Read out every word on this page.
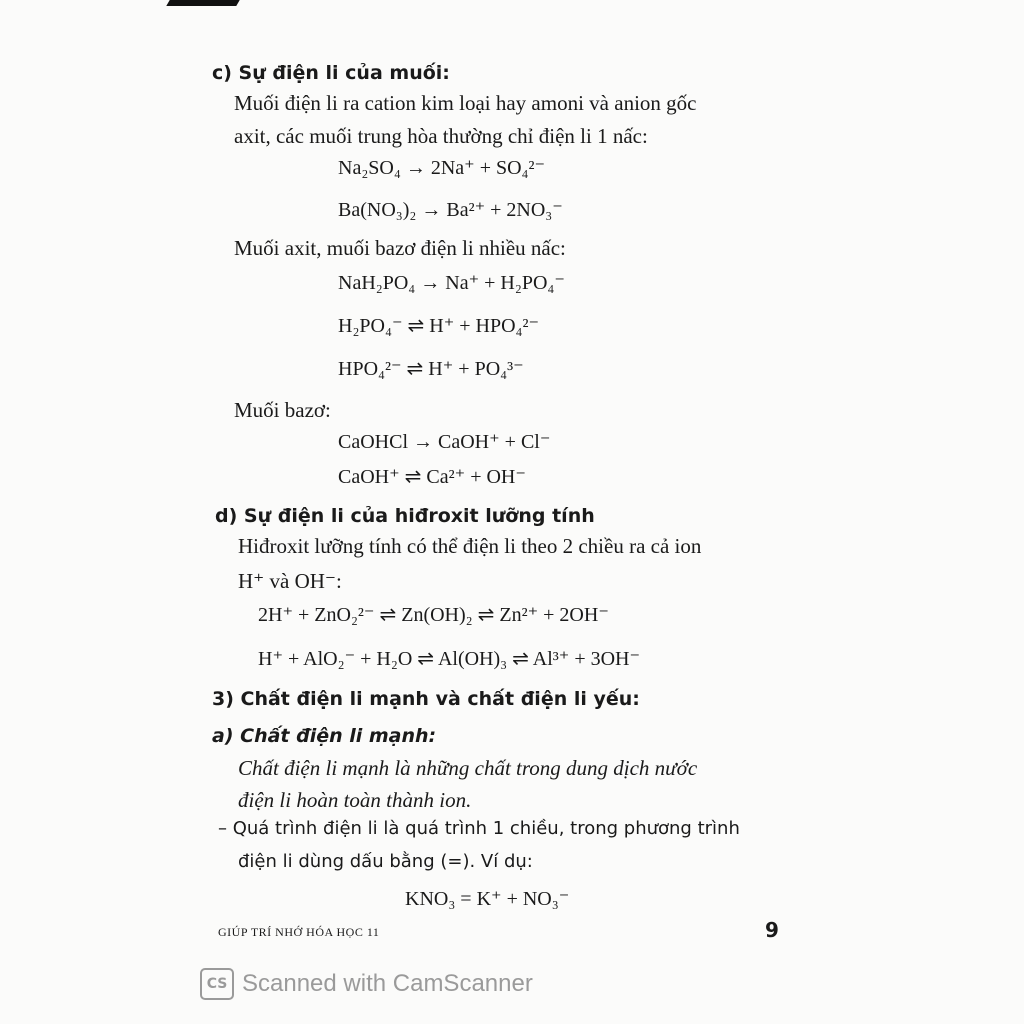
c) Sự điện li của muối:
Muối điện li ra cation kim loại hay amoni và anion gốc
axit, các muối trung hòa thường chỉ điện li 1 nấc:
Na₂SO₄ → 2Na⁺ + SO₄²⁻
Ba(NO₃)₂ → Ba²⁺ + 2NO₃⁻
Muối axit, muối bazơ điện li nhiều nấc:
NaH₂PO₄ → Na⁺ + H₂PO₄⁻
H₂PO₄⁻ ⇌ H⁺ + HPO₄²⁻
HPO₄²⁻ ⇌ H⁺ + PO₄³⁻
Muối bazơ:
CaOHCl → CaOH⁺ + Cl⁻
CaOH⁺ ⇌ Ca²⁺ + OH⁻
d) Sự điện li của hiđroxit lưỡng tính
Hiđroxit lưỡng tính có thể điện li theo 2 chiều ra cả ion
H⁺ và OH⁻:
2H⁺ + ZnO₂²⁻ ⇌ Zn(OH)₂ ⇌ Zn²⁺ + 2OH⁻
H⁺ + AlO₂⁻ + H₂O ⇌ Al(OH)₃ ⇌ Al³⁺ + 3OH⁻
3) Chất điện li mạnh và chất điện li yếu:
a) Chất điện li mạnh:
Chất điện li mạnh là những chất trong dung dịch nước
điện li hoàn toàn thành ion.
– Quá trình điện li là quá trình 1 chiều, trong phương trình
điện li dùng dấu bằng (=). Ví dụ:
KNO₃ = K⁺ + NO₃⁻
GIÚP TRÍ NHỚ HÓA HỌC 11	9
CS Scanned with CamScanner
